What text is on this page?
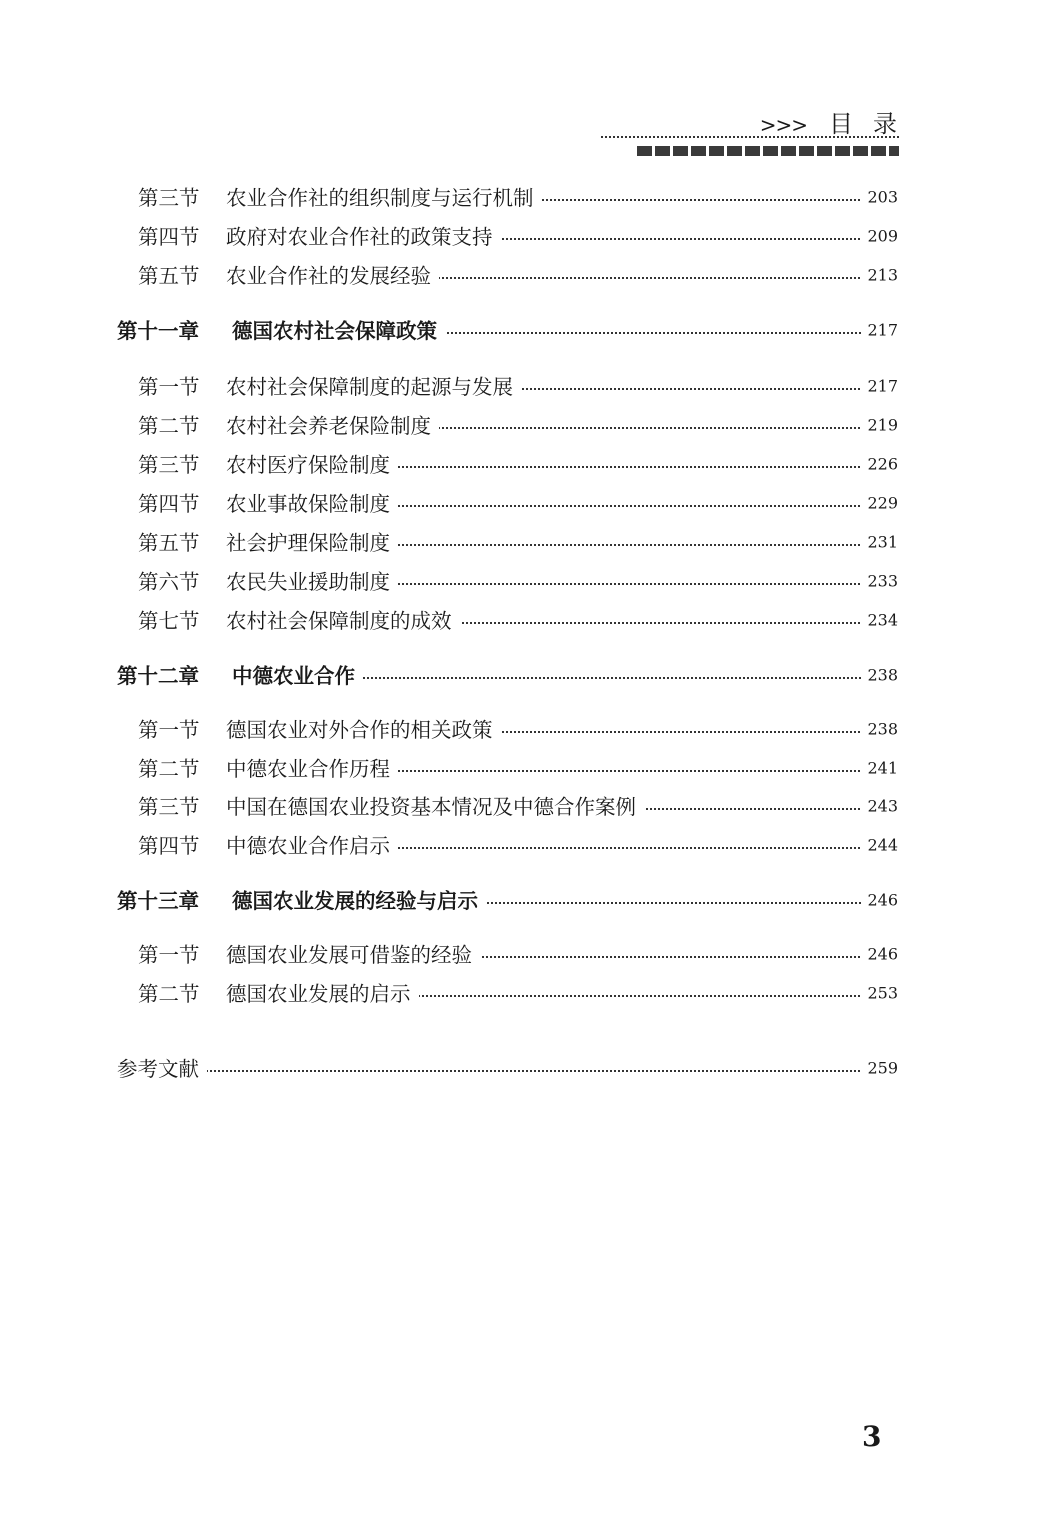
>>> 目 录
第三节 农业合作社的组织制度与运行机制	203
第四节 政府对农业合作社的政策支持	209
第五节 农业合作社的发展经验	213
第十一章 德国农村社会保障政策	217
第一节 农村社会保障制度的起源与发展	217
第二节 农村社会养老保险制度	219
第三节 农村医疗保险制度	226
第四节 农业事故保险制度	229
第五节 社会护理保险制度	231
第六节 农民失业援助制度	233
第七节 农村社会保障制度的成效	234
第十二章 中德农业合作	238
第一节 德国农业对外合作的相关政策	238
第二节 中德农业合作历程	241
第三节 中国在德国农业投资基本情况及中德合作案例	243
第四节 中德农业合作启示	244
第十三章 德国农业发展的经验与启示	246
第一节 德国农业发展可借鉴的经验	246
第二节 德国农业发展的启示	253
参考文献	259
3
